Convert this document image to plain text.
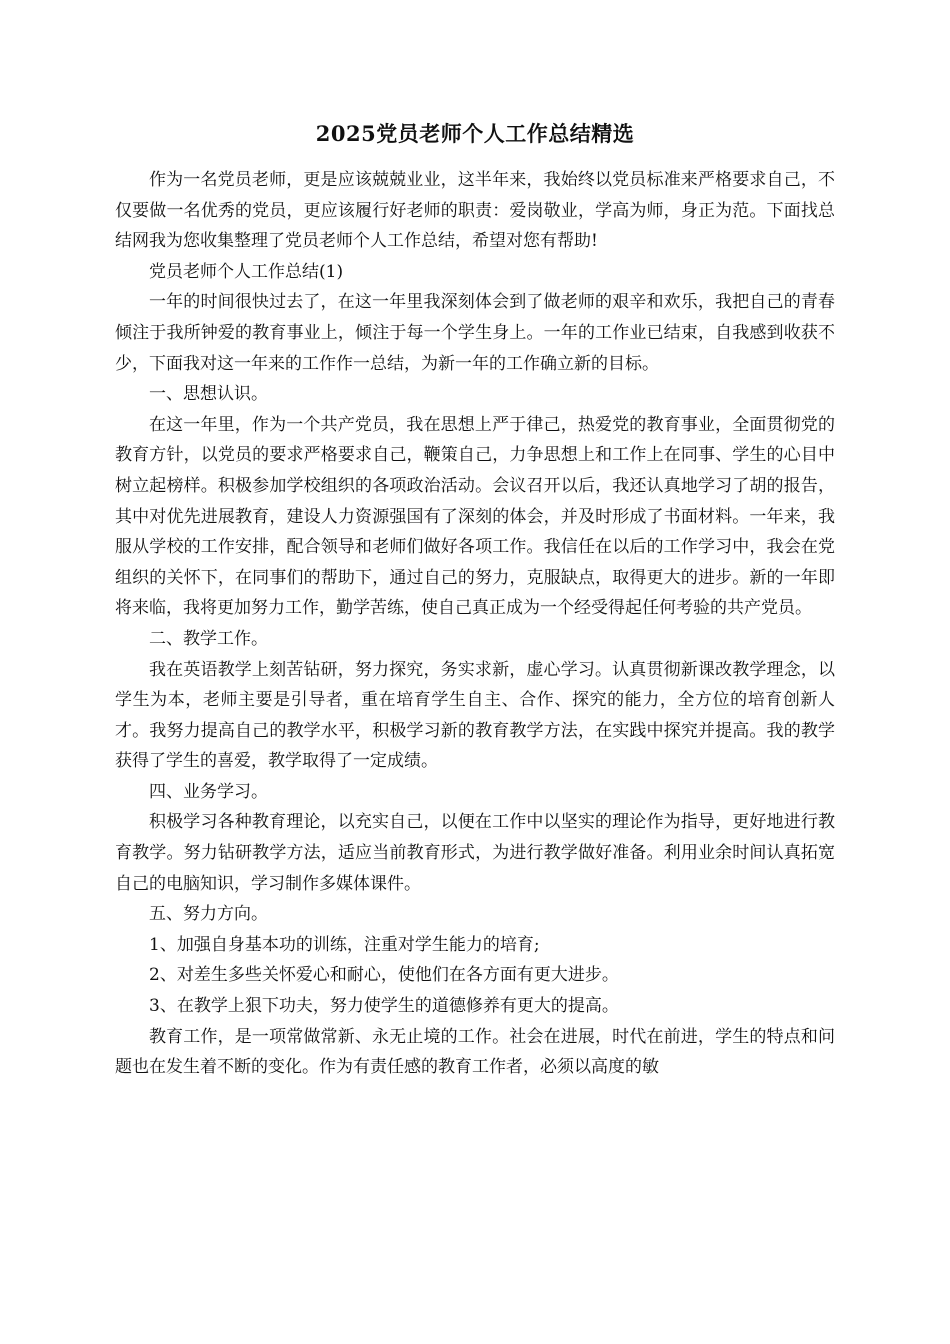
2025党员老师个人工作总结精选

作为一名党员老师，更是应该兢兢业业，这半年来，我始终以党员标准来严格要求自己，不仅要做一名优秀的党员，更应该履行好老师的职责：爱岗敬业，学高为师，身正为范。下面找总结网我为您收集整理了党员老师个人工作总结，希望对您有帮助!

党员老师个人工作总结(1)

一年的时间很快过去了，在这一年里我深刻体会到了做老师的艰辛和欢乐，我把自己的青春倾注于我所钟爱的教育事业上，倾注于每一个学生身上。一年的工作业已结束，自我感到收获不少，下面我对这一年来的工作作一总结，为新一年的工作确立新的目标。

一、思想认识。

在这一年里，作为一个共产党员，我在思想上严于律己，热爱党的教育事业，全面贯彻党的教育方针，以党员的要求严格要求自己，鞭策自己，力争思想上和工作上在同事、学生的心目中树立起榜样。积极参加学校组织的各项政治活动。会议召开以后，我还认真地学习了胡的报告，其中对优先进展教育，建设人力资源强国有了深刻的体会，并及时形成了书面材料。一年来，我服从学校的工作安排，配合领导和老师们做好各项工作。我信任在以后的工作学习中，我会在党组织的关怀下，在同事们的帮助下，通过自己的努力，克服缺点，取得更大的进步。新的一年即将来临，我将更加努力工作，勤学苦练，使自己真正成为一个经受得起任何考验的共产党员。

二、教学工作。

我在英语教学上刻苦钻研，努力探究，务实求新，虚心学习。认真贯彻新课改教学理念，以学生为本，老师主要是引导者，重在培育学生自主、合作、探究的能力，全方位的培育创新人才。我努力提高自己的教学水平，积极学习新的教育教学方法，在实践中探究并提高。我的教学获得了学生的喜爱，教学取得了一定成绩。

四、业务学习。

积极学习各种教育理论，以充实自己，以便在工作中以坚实的理论作为指导，更好地进行教育教学。努力钻研教学方法，适应当前教育形式，为进行教学做好准备。利用业余时间认真拓宽自己的电脑知识，学习制作多媒体课件。

五、努力方向。

1、加强自身基本功的训练，注重对学生能力的培育;

2、对差生多些关怀爱心和耐心，使他们在各方面有更大进步。

3、在教学上狠下功夫，努力使学生的道德修养有更大的提高。

教育工作，是一项常做常新、永无止境的工作。社会在进展，时代在前进，学生的特点和问题也在发生着不断的变化。作为有责任感的教育工作者，必须以高度的敏
